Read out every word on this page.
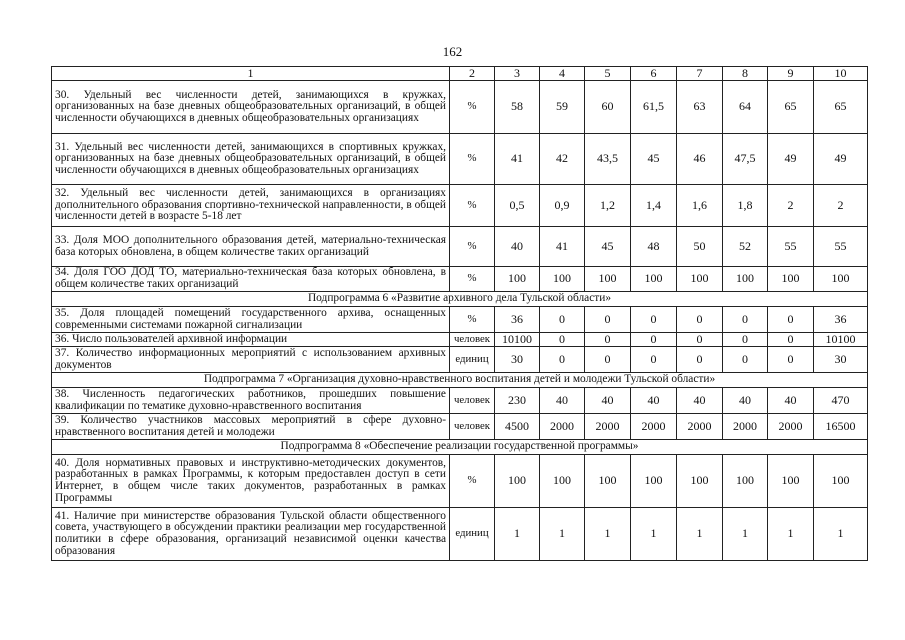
162
1	2	3	4	5	6	7	8	9	10
30. Удельный вес численности детей, занимающихся в кружках, организованных на базе дневных общеобразовательных организаций, в общей численности обучающихся в дневных общеобразовательных организациях	%	58	59	60	61,5	63	64	65	65
31. Удельный вес численности детей, занимающихся в спортивных кружках, организованных на базе дневных общеобразовательных организаций, в общей численности обучающихся в дневных общеобразовательных организациях	%	41	42	43,5	45	46	47,5	49	49
32. Удельный вес численности детей, занимающихся в организациях дополнительного образования спортивно-технической направленности, в общей численности детей в возрасте 5-18 лет	%	0,5	0,9	1,2	1,4	1,6	1,8	2	2
33. Доля МОО дополнительного образования детей, материально-техническая база которых обновлена, в общем количестве таких организаций	%	40	41	45	48	50	52	55	55
34. Доля ГОО ДОД ТО, материально-техническая база которых обновлена, в общем количестве таких организаций	%	100	100	100	100	100	100	100	100
Подпрограмма 6 «Развитие архивного дела Тульской области»									
35. Доля площадей помещений государственного архива, оснащенных современными системами пожарной сигнализации	%	36	0	0	0	0	0	0	36
36. Число пользователей архивной информации	человек	10100	0	0	0	0	0	0	10100
37. Количество информационных мероприятий с использованием архивных документов	единиц	30	0	0	0	0	0	0	30
Подпрограмма 7 «Организация духовно-нравственного воспитания детей и молодежи Тульской области»									
38. Численность педагогических работников, прошедших повышение квалификации по тематике духовно-нравственного воспитания	человек	230	40	40	40	40	40	40	470
39. Количество участников массовых мероприятий в сфере духовно-нравственного воспитания детей и молодежи	человек	4500	2000	2000	2000	2000	2000	2000	16500
Подпрограмма 8 «Обеспечение реализации государственной программы»									
40. Доля нормативных правовых и инструктивно-методических документов, разработанных в рамках Программы, к которым предоставлен доступ в сети Интернет, в общем числе таких документов, разработанных в рамках Программы	%	100	100	100	100	100	100	100	100
41. Наличие при министерстве образования Тульской области общественного совета, участвующего в обсуждении практики реализации мер государственной политики в сфере образования, организаций независимой оценки качества образования	единиц	1	1	1	1	1	1	1	1
